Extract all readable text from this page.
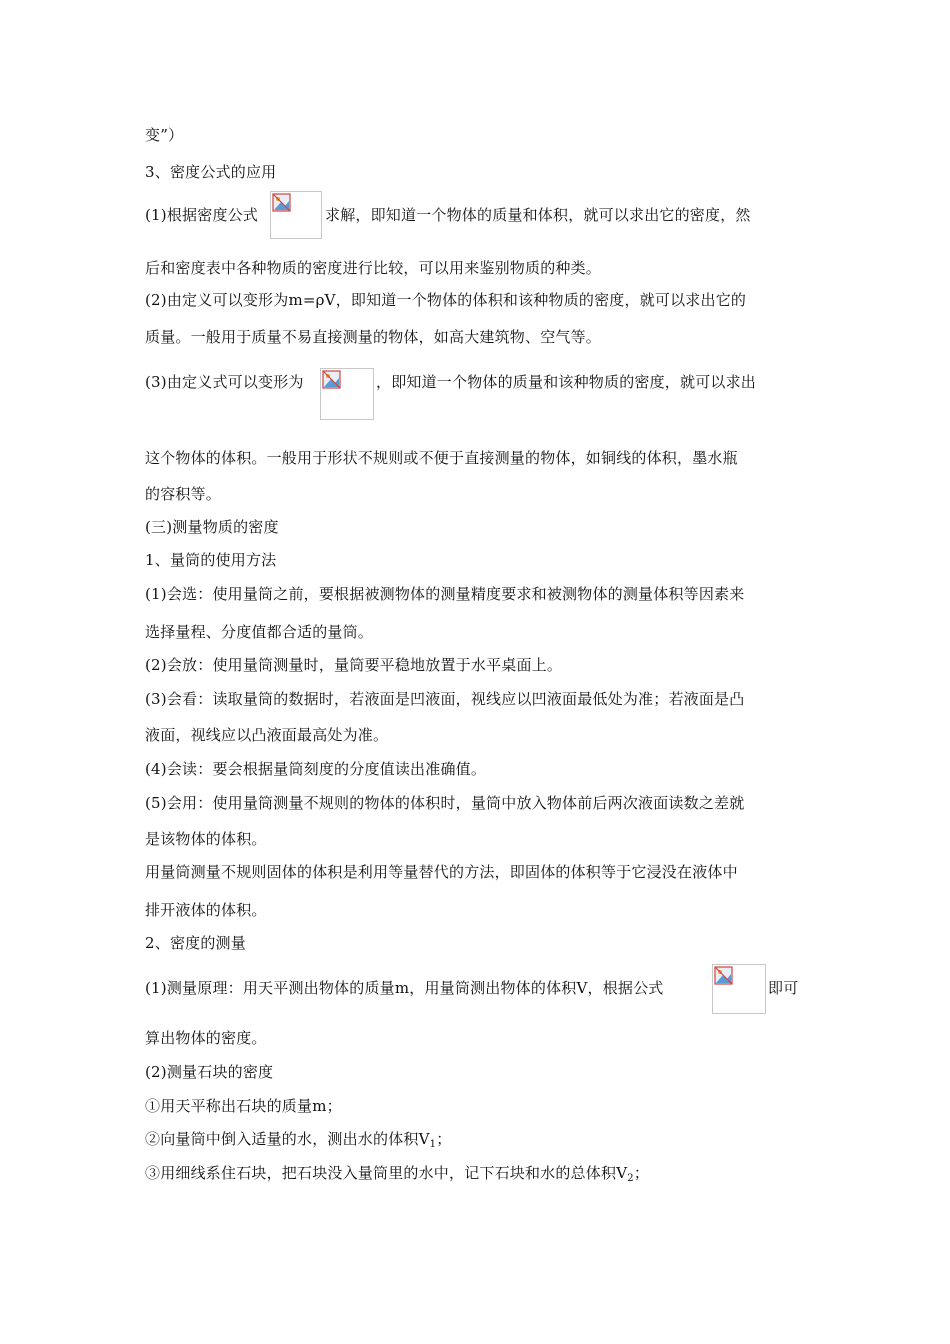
变”）
3、密度公式的应用
(1)根据密度公式	求解，即知道一个物体的质量和体积，就可以求出它的密度，然
后和密度表中各种物质的密度进行比较，可以用来鉴别物质的种类。
(2)由定义可以变形为m=ρV，即知道一个物体的体积和该种物质的密度，就可以求出它的
质量。一般用于质量不易直接测量的物体，如高大建筑物、空气等。
(3)由定义式可以变形为	，即知道一个物体的质量和该种物质的密度，就可以求出
这个物体的体积。一般用于形状不规则或不便于直接测量的物体，如铜线的体积，墨水瓶
的容积等。
(三)测量物质的密度
1、量筒的使用方法
(1)会选：使用量筒之前，要根据被测物体的测量精度要求和被测物体的测量体积等因素来
选择量程、分度值都合适的量筒。
(2)会放：使用量筒测量时，量筒要平稳地放置于水平桌面上。
(3)会看：读取量筒的数据时，若液面是凹液面，视线应以凹液面最低处为准；若液面是凸
液面，视线应以凸液面最高处为准。
(4)会读：要会根据量筒刻度的分度值读出准确值。
(5)会用：使用量筒测量不规则的物体的体积时，量筒中放入物体前后两次液面读数之差就
是该物体的体积。
用量筒测量不规则固体的体积是利用等量替代的方法，即固体的体积等于它浸没在液体中
排开液体的体积。
2、密度的测量
(1)测量原理：用天平测出物体的质量m，用量筒测出物体的体积V，根据公式	即可
算出物体的密度。
(2)测量石块的密度
①用天平称出石块的质量m；
②向量筒中倒入适量的水，测出水的体积$V_1$；
③用细线系住石块，把石块没入量筒里的水中，记下石块和水的总体积$V_2$；
